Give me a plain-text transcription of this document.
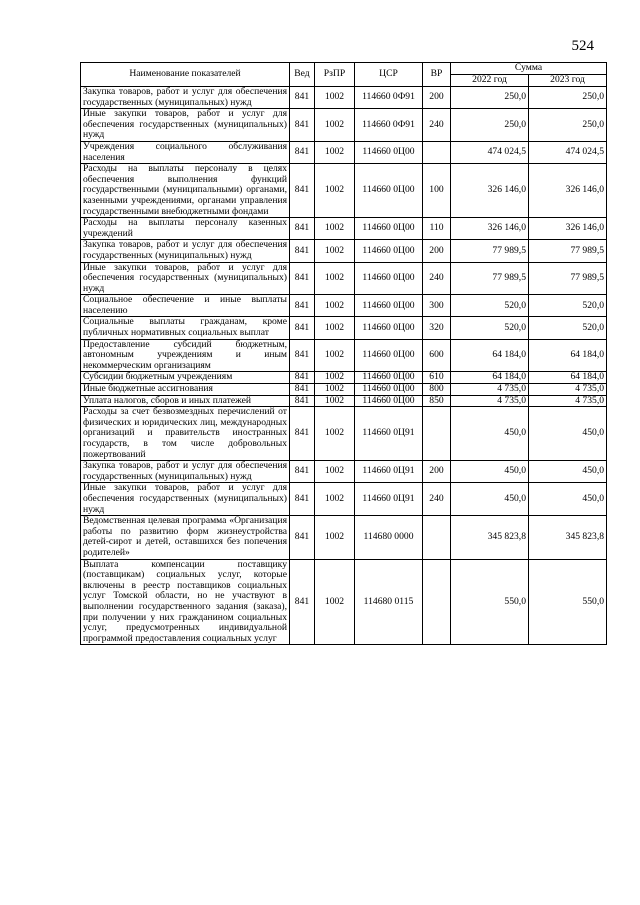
524
Наименование показателей	Вед	РзПР	ЦСР	ВР	Сумма	
					2022 год	2023 год
Закупка товаров, работ и услуг для обеспечения государственных (муниципальных) нужд	841	1002	114660 0Ф91	200	250,0	250,0
Иные закупки товаров, работ и услуг для обеспечения государственных (муниципальных) нужд	841	1002	114660 0Ф91	240	250,0	250,0
Учреждения социального обслуживания населения	841	1002	114660 0Ц00		474 024,5	474 024,5
Расходы на выплаты персоналу в целях обеспечения выполнения функций государственными (муниципальными) органами, казенными учреждениями, органами управления государственными внебюджетными фондами	841	1002	114660 0Ц00	100	326 146,0	326 146,0
Расходы на выплаты персоналу казенных учреждений	841	1002	114660 0Ц00	110	326 146,0	326 146,0
Закупка товаров, работ и услуг для обеспечения государственных (муниципальных) нужд	841	1002	114660 0Ц00	200	77 989,5	77 989,5
Иные закупки товаров, работ и услуг для обеспечения государственных (муниципальных) нужд	841	1002	114660 0Ц00	240	77 989,5	77 989,5
Социальное обеспечение и иные выплаты населению	841	1002	114660 0Ц00	300	520,0	520,0
Социальные выплаты гражданам, кроме публичных нормативных социальных выплат	841	1002	114660 0Ц00	320	520,0	520,0
Предоставление субсидий бюджетным, автономным учреждениям и иным некоммерческим организациям	841	1002	114660 0Ц00	600	64 184,0	64 184,0
Субсидии бюджетным учреждениям	841	1002	114660 0Ц00	610	64 184,0	64 184,0
Иные бюджетные ассигнования	841	1002	114660 0Ц00	800	4 735,0	4 735,0
Уплата налогов, сборов и иных платежей	841	1002	114660 0Ц00	850	4 735,0	4 735,0
Расходы за счет безвозмездных перечислений от физических и юридических лиц, международных организаций и правительств иностранных государств, в том числе добровольных пожертвований	841	1002	114660 0Ц91		450,0	450,0
Закупка товаров, работ и услуг для обеспечения государственных (муниципальных) нужд	841	1002	114660 0Ц91	200	450,0	450,0
Иные закупки товаров, работ и услуг для обеспечения государственных (муниципальных) нужд	841	1002	114660 0Ц91	240	450,0	450,0
Ведомственная целевая программа «Организация работы по развитию форм жизнеустройства детей-сирот и детей, оставшихся без попечения родителей»	841	1002	114680 0000		345 823,8	345 823,8
Выплата компенсации поставщику (поставщикам) социальных услуг, которые включены в реестр поставщиков социальных услуг Томской области, но не участвуют в выполнении государственного задания (заказа), при получении у них гражданином социальных услуг, предусмотренных индивидуальной программой предоставления социальных услуг	841	1002	114680 0115		550,0	550,0
